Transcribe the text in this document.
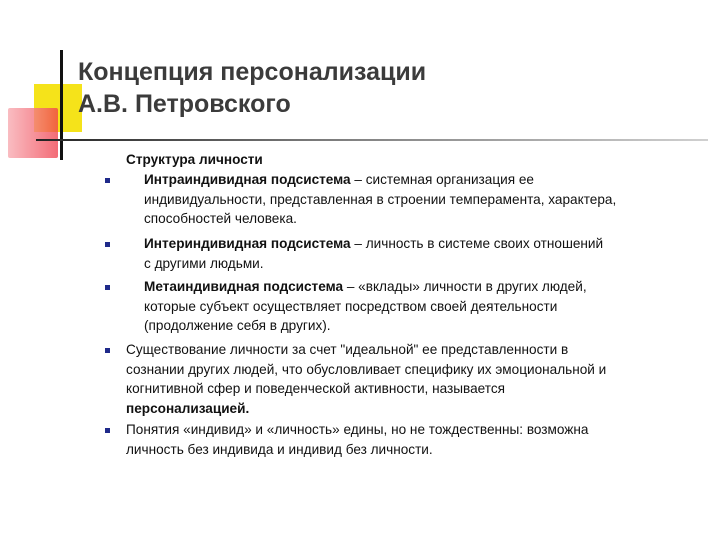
Концепция персонализации
А.В. Петровского

Структура личности

Интраиндивидная подсистема – системная организация ее
индивидуальности, представленная в строении темперамента, характера,
способностей человека.
Интериндивидная подсистема – личность в системе своих отношений
с другими людьми.
Метаиндивидная подсистема – «вклады» личности в других людей,
которые субъект осуществляет посредством своей деятельности
(продолжение себя в других).
Существование личности за счет "идеальной" ее представленности в
сознании других людей, что обусловливает специфику их эмоциональной и
когнитивной сфер и поведенческой активности, называется
персонализацией.
Понятия «индивид» и «личность» едины, но не тождественны: возможна
личность без индивида и индивид без личности.
